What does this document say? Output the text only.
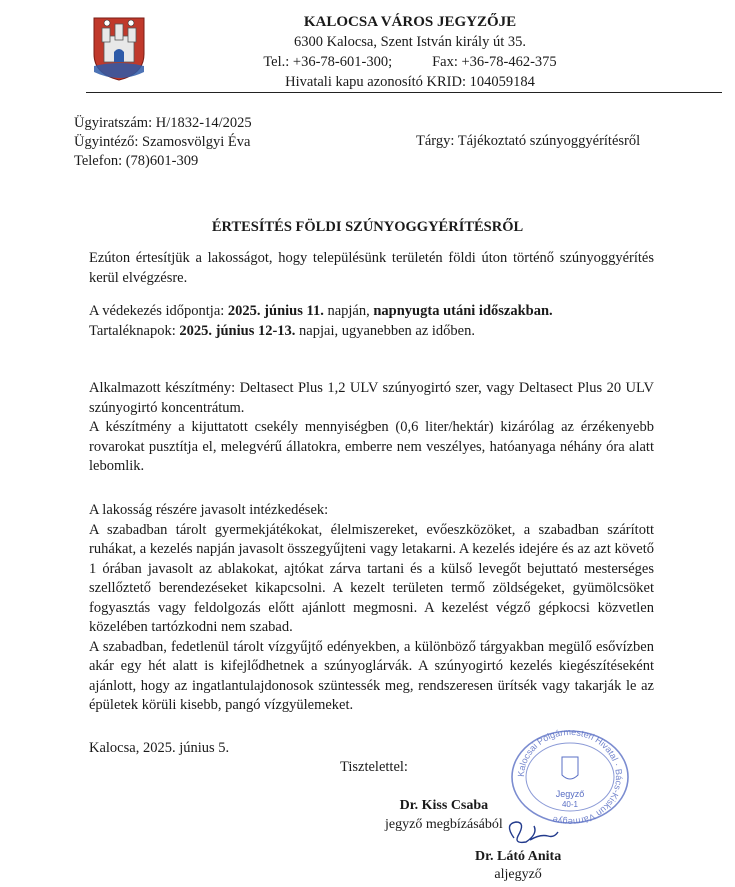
KALOCSA VÁROS JEGYZŐJE
6300 Kalocsa, Szent István király út 35.
Tel.: +36-78-601-300;	Fax: +36-78-462-375
Hivatali kapu azonosító KRID: 104059184
Ügyiratszám: H/1832-14/2025
Ügyintéző: Szamosvölgyi Éva
Telefon: (78)601-309
Tárgy: Tájékoztató szúnyoggyérítésről
ÉRTESÍTÉS FÖLDI SZÚNYOGGYÉRÍTÉSRŐL

Ezúton értesítjük a lakosságot, hogy településünk területén földi úton történő szúnyoggyérítés kerül elvégzésre.

A védekezés időpontja: 2025. június 11. napján, napnyugta utáni időszakban.

Tartaléknapok: 2025. június 12-13. napjai, ugyanebben az időben.

Alkalmazott készítmény: Deltasect Plus 1,2 ULV szúnyogirtó szer, vagy Deltasect Plus 20 ULV szúnyogirtó koncentrátum.

A készítmény a kijuttatott csekély mennyiségben (0,6 liter/hektár) kizárólag az érzékenyebb rovarokat pusztítja el, melegvérű állatokra, emberre nem veszélyes, hatóanyaga néhány óra alatt lebomlik.

A lakosság részére javasolt intézkedések:

A szabadban tárolt gyermekjátékokat, élelmiszereket, evőeszközöket, a szabadban szárított ruhákat, a kezelés napján javasolt összegyűjteni vagy letakarni. A kezelés idejére és az azt követő 1 órában javasolt az ablakokat, ajtókat zárva tartani és a külső levegőt bejuttató mesterséges szellőztető berendezéseket kikapcsolni. A kezelt területen termő zöldségeket, gyümölcsöket fogyasztás vagy feldolgozás előtt ajánlott megmosni. A kezelést végző gépkocsi közvetlen közelében tartózkodni nem szabad.

A szabadban, fedetlenül tárolt vízgyűjtő edényekben, a különböző tárgyakban megülő esővízben akár egy hét alatt is kifejlődhetnek a szúnyoglárvák. A szúnyogirtó kezelés kiegészítéseként ajánlott, hogy az ingatlantulajdonosok szüntessék meg, rendszeresen ürítsék vagy takarják le az épületek körüli kisebb, pangó vízgyülemeket.

Kalocsa, 2025. június 5.
Tisztelettel:	Kalocsai Polgármesteri Hivatal · Bács-Kiskun Vármegye
Jegyző
40-1
Dr. Kiss Csaba
jegyző megbízásából
Dr. Látó Anita
aljegyző
